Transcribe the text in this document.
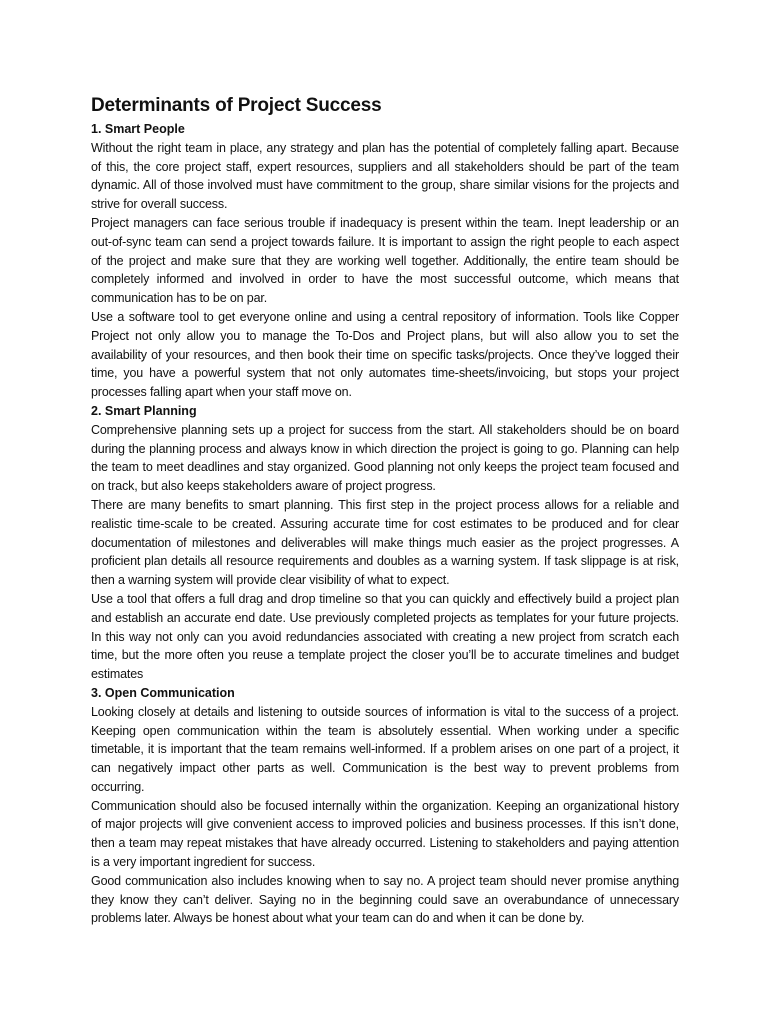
Determinants of Project Success
1. Smart People

Without the right team in place, any strategy and plan has the potential of completely falling apart. Because of this, the core project staff, expert resources, suppliers and all stakeholders should be part of the team dynamic. All of those involved must have commitment to the group, share similar visions for the projects and strive for overall success.

Project managers can face serious trouble if inadequacy is present within the team. Inept leadership or an out-of-sync team can send a project towards failure. It is important to assign the right people to each aspect of the project and make sure that they are working well together. Additionally, the entire team should be completely informed and involved in order to have the most successful outcome, which means that communication has to be on par.

Use a software tool to get everyone online and using a central repository of information. Tools like Copper Project not only allow you to manage the To-Dos and Project plans, but will also allow you to set the availability of your resources, and then book their time on specific tasks/projects. Once they’ve logged their time, you have a powerful system that not only automates time-sheets/invoicing, but stops your project processes falling apart when your staff move on.

2. Smart Planning

Comprehensive planning sets up a project for success from the start. All stakeholders should be on board during the planning process and always know in which direction the project is going to go. Planning can help the team to meet deadlines and stay organized. Good planning not only keeps the project team focused and on track, but also keeps stakeholders aware of project progress.

There are many benefits to smart planning. This first step in the project process allows for a reliable and realistic time-scale to be created. Assuring accurate time for cost estimates to be produced and for clear documentation of milestones and deliverables will make things much easier as the project progresses. A proficient plan details all resource requirements and doubles as a warning system. If task slippage is at risk, then a warning system will provide clear visibility of what to expect.

Use a tool that offers a full drag and drop timeline so that you can quickly and effectively build a project plan and establish an accurate end date. Use previously completed projects as templates for your future projects. In this way not only can you avoid redundancies associated with creating a new project from scratch each time, but the more often you reuse a template project the closer you’ll be to accurate timelines and budget estimates

3. Open Communication

Looking closely at details and listening to outside sources of information is vital to the success of a project. Keeping open communication within the team is absolutely essential. When working under a specific timetable, it is important that the team remains well-informed. If a problem arises on one part of a project, it can negatively impact other parts as well. Communication is the best way to prevent problems from occurring.

Communication should also be focused internally within the organization. Keeping an organizational history of major projects will give convenient access to improved policies and business processes. If this isn’t done, then a team may repeat mistakes that have already occurred. Listening to stakeholders and paying attention is a very important ingredient for success.

Good communication also includes knowing when to say no. A project team should never promise anything they know they can’t deliver. Saying no in the beginning could save an overabundance of unnecessary problems later. Always be honest about what your team can do and when it can be done by.
